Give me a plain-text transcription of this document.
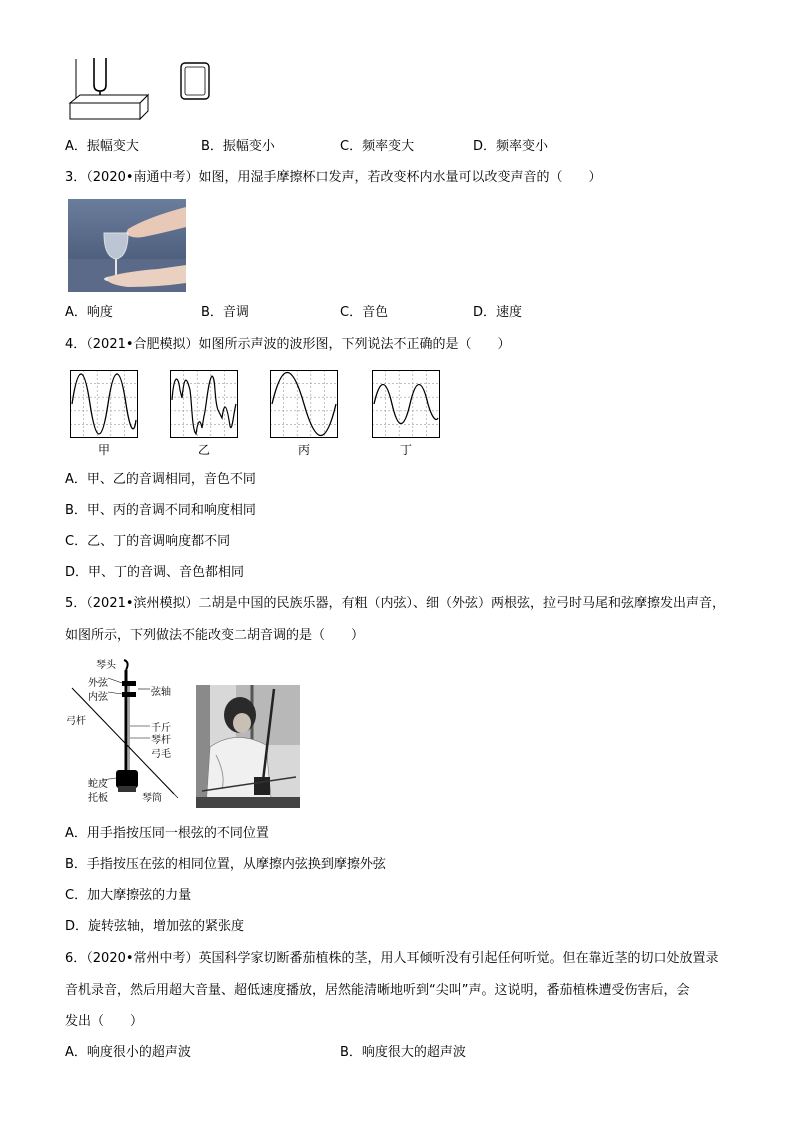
A．振幅变大	B．振幅变小	C．频率变大	D．频率变小
3．（2020•南通中考）如图，用湿手摩擦杯口发声，若改变杯内水量可以改变声音的（　　）
A．响度	B．音调	C．音色	D．速度
4．（2021•合肥模拟）如图所示声波的波形图，下列说法不正确的是（　　）
甲	乙	丙	丁
A．甲、乙的音调相同，音色不同
B．甲、丙的音调不同和响度相同
C．乙、丁的音调响度都不同
D．甲、丁的音调、音色都相同
5．（2021•滨州模拟）二胡是中国的民族乐器，有粗（内弦）、细（外弦）两根弦，拉弓时马尾和弦摩擦发出声音，
如图所示，下列做法不能改变二胡音调的是（　　）
琴头
外弦
内弦	弦轴
弓杆
千斤
琴杆
弓毛
蛇皮
托板	琴筒
A．用手指按压同一根弦的不同位置
B．手指按压在弦的相同位置，从摩擦内弦换到摩擦外弦
C．加大摩擦弦的力量
D．旋转弦轴，增加弦的紧张度
6．（2020•常州中考）英国科学家切断番茄植株的茎，用人耳倾听没有引起任何听觉。但在靠近茎的切口处放置录
音机录音，然后用超大音量、超低速度播放，居然能清晰地听到“尖叫”声。这说明，番茄植株遭受伤害后，会
发出（　　）
A．响度很小的超声波	B．响度很大的超声波
